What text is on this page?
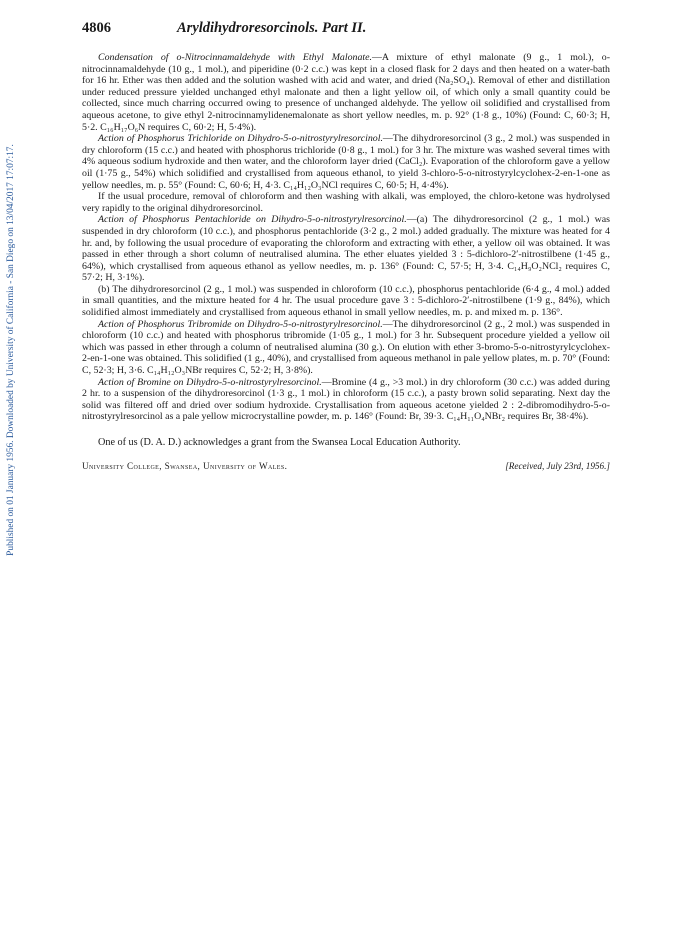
Published on 01 January 1956. Downloaded by University of California - San Diego on 13/04/2017 17:07:17.
4806	Aryldihydroresorcinols. Part II.

Condensation of o-Nitrocinnamaldehyde with Ethyl Malonate.—A mixture of ethyl malonate (9 g., 1 mol.), o-nitrocinnamaldehyde (10 g., 1 mol.), and piperidine (0·2 c.c.) was kept in a closed flask for 2 days and then heated on a water-bath for 16 hr. Ether was then added and the solution washed with acid and water, and dried (Na₂SO₄). Removal of ether and distillation under reduced pressure yielded unchanged ethyl malonate and then a light yellow oil, of which only a small quantity could be collected, since much charring occurred owing to presence of unchanged aldehyde. The yellow oil solidified and crystallised from aqueous acetone, to give ethyl 2-nitrocinnamylidenemalonate as short yellow needles, m. p. 92° (1·8 g., 10%) (Found: C, 60·3; H, 5·2. C₁₆H₁₇O₆N requires C, 60·2; H, 5·4%).

Action of Phosphorus Trichloride on Dihydro-5-o-nitrostyrylresorcinol.—The dihydroresorcinol (3 g., 2 mol.) was suspended in dry chloroform (15 c.c.) and heated with phosphorus trichloride (0·8 g., 1 mol.) for 3 hr. The mixture was washed several times with 4% aqueous sodium hydroxide and then water, and the chloroform layer dried (CaCl₂). Evaporation of the chloroform gave a yellow oil (1·75 g., 54%) which solidified and crystallised from aqueous ethanol, to yield 3-chloro-5-o-nitrostyrylcyclohex-2-en-1-one as yellow needles, m. p. 55° (Found: C, 60·6; H, 4·3. C₁₄H₁₂O₃NCl requires C, 60·5; H, 4·4%).

If the usual procedure, removal of chloroform and then washing with alkali, was employed, the chloro-ketone was hydrolysed very rapidly to the original dihydroresorcinol.

Action of Phosphorus Pentachloride on Dihydro-5-o-nitrostyrylresorcinol.—(a) The dihydroresorcinol (2 g., 1 mol.) was suspended in dry chloroform (10 c.c.), and phosphorus pentachloride (3·2 g., 2 mol.) added gradually. The mixture was heated for 4 hr. and, by following the usual procedure of evaporating the chloroform and extracting with ether, a yellow oil was obtained. It was passed in ether through a short column of neutralised alumina. The ether eluates yielded 3 : 5-dichloro-2′-nitrostilbene (1·45 g., 64%), which crystallised from aqueous ethanol as yellow needles, m. p. 136° (Found: C, 57·5; H, 3·4. C₁₄H₉O₂NCl₂ requires C, 57·2; H, 3·1%).

(b) The dihydroresorcinol (2 g., 1 mol.) was suspended in chloroform (10 c.c.), phosphorus pentachloride (6·4 g., 4 mol.) added in small quantities, and the mixture heated for 4 hr. The usual procedure gave 3 : 5-dichloro-2′-nitrostilbene (1·9 g., 84%), which solidified almost immediately and crystallised from aqueous ethanol in small yellow needles, m. p. and mixed m. p. 136°.

Action of Phosphorus Tribromide on Dihydro-5-o-nitrostyrylresorcinol.—The dihydroresorcinol (2 g., 2 mol.) was suspended in chloroform (10 c.c.) and heated with phosphorus tribromide (1·05 g., 1 mol.) for 3 hr. Subsequent procedure yielded a yellow oil which was passed in ether through a column of neutralised alumina (30 g.). On elution with ether 3-bromo-5-o-nitrostyrylcyclohex-2-en-1-one was obtained. This solidified (1 g., 40%), and crystallised from aqueous methanol in pale yellow plates, m. p. 70° (Found: C, 52·3; H, 3·6. C₁₄H₁₂O₃NBr requires C, 52·2; H, 3·8%).

Action of Bromine on Dihydro-5-o-nitrostyrylresorcinol.—Bromine (4 g., >3 mol.) in dry chloroform (30 c.c.) was added during 2 hr. to a suspension of the dihydroresorcinol (1·3 g., 1 mol.) in chloroform (15 c.c.), a pasty brown solid separating. Next day the solid was filtered off and dried over sodium hydroxide. Crystallisation from aqueous acetone yielded 2 : 2-dibromodihydro-5-o-nitrostyrylresorcinol as a pale yellow microcrystalline powder, m. p. 146° (Found: Br, 39·3. C₁₄H₁₁O₄NBr₂ requires Br, 38·4%).

One of us (D. A. D.) acknowledges a grant from the Swansea Local Education Authority.

University College, Swansea, University of Wales.	[Received, July 23rd, 1956.]
